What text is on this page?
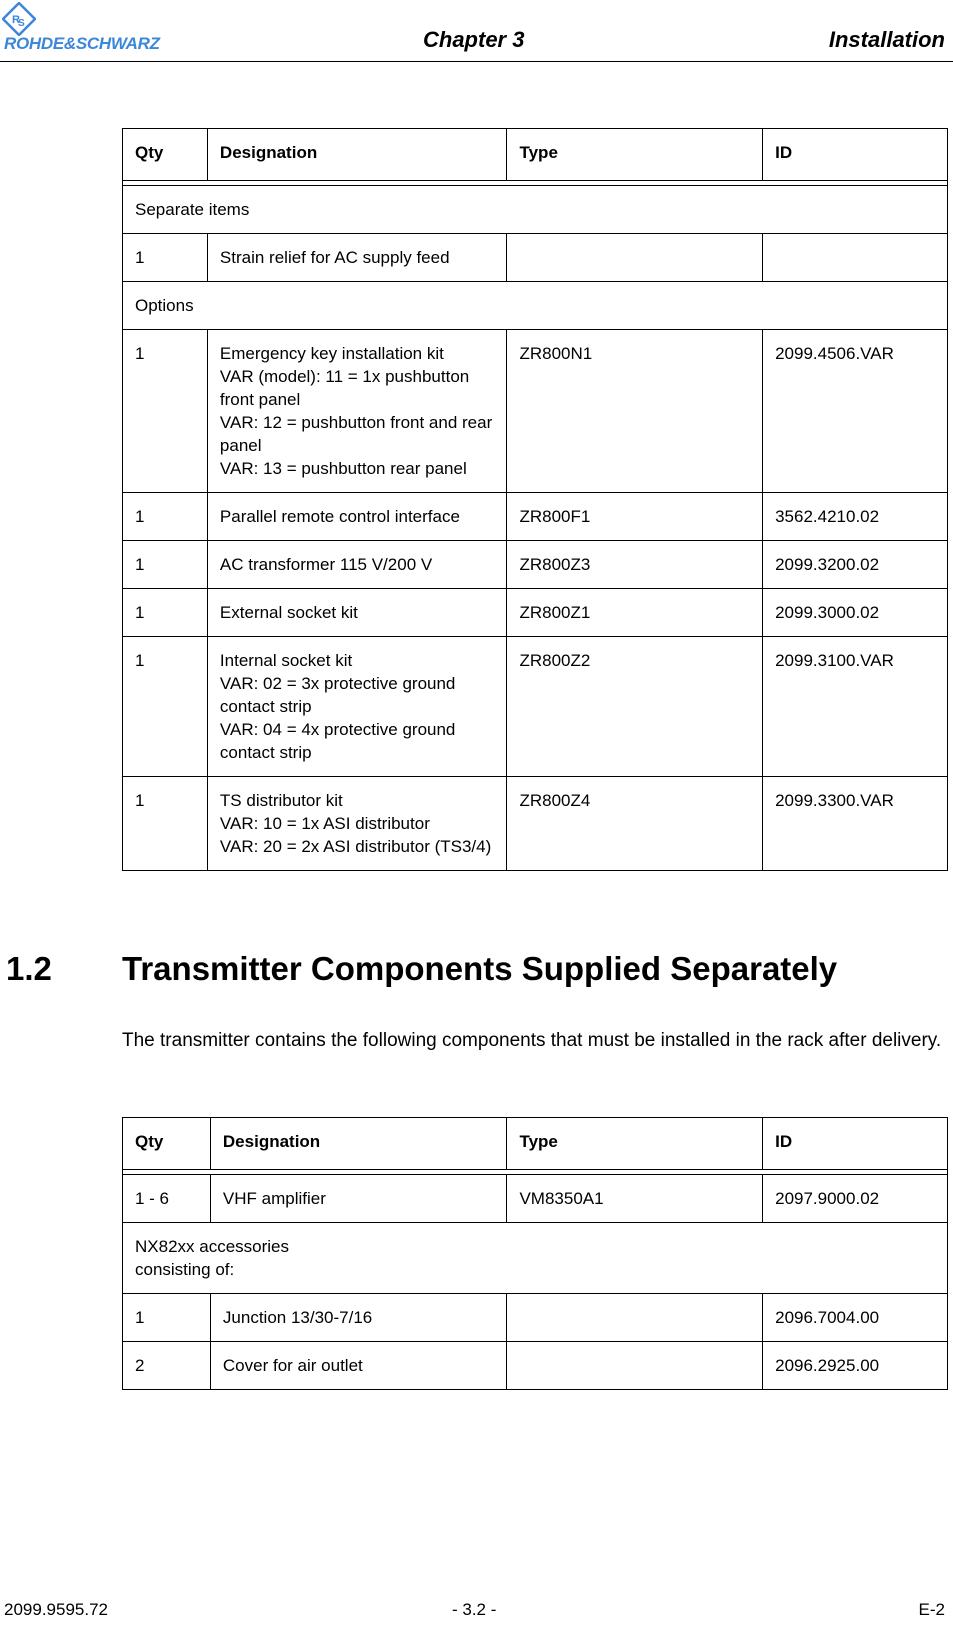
R
S
ROHDE&SCHWARZ	Chapter 3	Installation
Qty	Designation	Type	ID

Separate items			
1	Strain relief for AC supply feed		
Options			
1	Emergency key installation kit
VAR (model): 11 = 1x pushbutton front panel
VAR: 12 = pushbutton front and rear panel
VAR: 13 = pushbutton rear panel	ZR800N1	2099.4506.VAR
1	Parallel remote control interface	ZR800F1	3562.4210.02
1	AC transformer 115 V/200 V	ZR800Z3	2099.3200.02
1	External socket kit	ZR800Z1	2099.3000.02
1	Internal socket kit
VAR: 02 = 3x protective ground contact strip
VAR: 04 = 4x protective ground contact strip	ZR800Z2	2099.3100.VAR
1	TS distributor kit
VAR: 10 = 1x ASI distributor
VAR: 20 = 2x ASI distributor (TS3/4)	ZR800Z4	2099.3300.VAR
1.2 Transmitter Components Supplied Separately
The transmitter contains the following components that must be installed in the rack after delivery.
Qty	Designation	Type	ID

1 - 6	VHF amplifier	VM8350A1	2097.9000.02
NX82xx accessories
consisting of:			
1	Junction 13/30-7/16		2096.7004.00
2	Cover for air outlet		2096.2925.00
2099.9595.72	- 3.2 -	E-2
